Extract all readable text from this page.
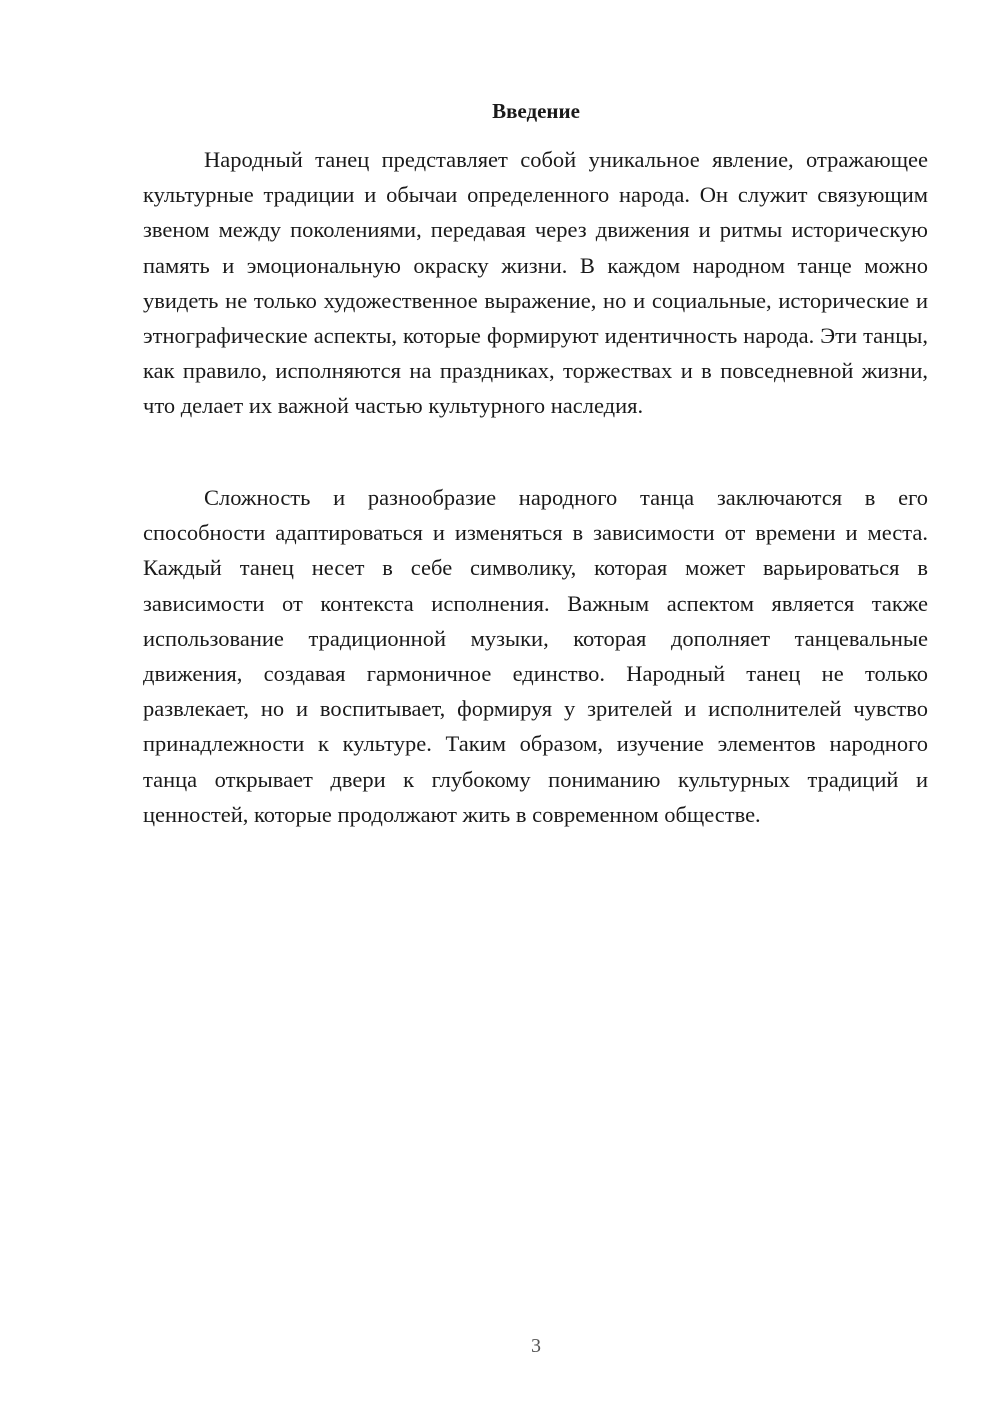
Введение

Народный танец представляет собой уникальное явление, отражающее культурные традиции и обычаи определенного народа. Он служит связующим звеном между поколениями, передавая через движения и ритмы историческую память и эмоциональную окраску жизни. В каждом народном танце можно увидеть не только художественное выражение, но и социальные, исторические и этнографические аспекты, которые формируют идентичность народа. Эти танцы, как правило, исполняются на праздниках, торжествах и в повседневной жизни, что делает их важной частью культурного наследия.

Сложность и разнообразие народного танца заключаются в его способности адаптироваться и изменяться в зависимости от времени и места. Каждый танец несет в себе символику, которая может варьироваться в зависимости от контекста исполнения. Важным аспектом является также использование традиционной музыки, которая дополняет танцевальные движения, создавая гармоничное единство. Народный танец не только развлекает, но и воспитывает, формируя у зрителей и исполнителей чувство принадлежности к культуре. Таким образом, изучение элементов народного танца открывает двери к глубокому пониманию культурных традиций и ценностей, которые продолжают жить в современном обществе.

3
